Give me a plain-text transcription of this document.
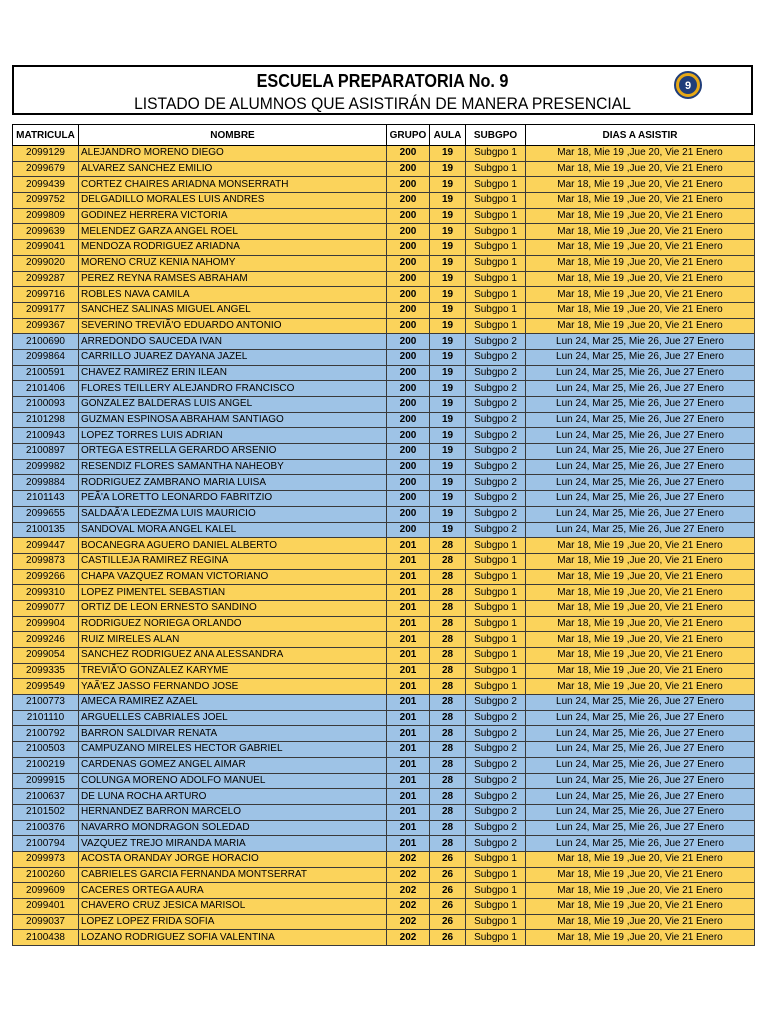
ESCUELA PREPARATORIA No. 9
LISTADO DE ALUMNOS QUE ASISTIRÁN DE MANERA PRESENCIAL
9
MATRICULA	NOMBRE	GRUPO	AULA	SUBGPO	DIAS A ASISTIR
2099129	ALEJANDRO MORENO DIEGO	200	19	Subgpo 1	Mar 18, Mie 19 ,Jue 20, Vie 21 Enero
2099679	ALVAREZ SANCHEZ EMILIO	200	19	Subgpo 1	Mar 18, Mie 19 ,Jue 20, Vie 21 Enero
2099439	CORTEZ CHAIRES ARIADNA MONSERRATH	200	19	Subgpo 1	Mar 18, Mie 19 ,Jue 20, Vie 21 Enero
2099752	DELGADILLO MORALES LUIS ANDRES	200	19	Subgpo 1	Mar 18, Mie 19 ,Jue 20, Vie 21 Enero
2099809	GODINEZ HERRERA VICTORIA	200	19	Subgpo 1	Mar 18, Mie 19 ,Jue 20, Vie 21 Enero
2099639	MELENDEZ GARZA ANGEL ROEL	200	19	Subgpo 1	Mar 18, Mie 19 ,Jue 20, Vie 21 Enero
2099041	MENDOZA RODRIGUEZ ARIADNA	200	19	Subgpo 1	Mar 18, Mie 19 ,Jue 20, Vie 21 Enero
2099020	MORENO CRUZ KENIA NAHOMY	200	19	Subgpo 1	Mar 18, Mie 19 ,Jue 20, Vie 21 Enero
2099287	PEREZ REYNA RAMSES ABRAHAM	200	19	Subgpo 1	Mar 18, Mie 19 ,Jue 20, Vie 21 Enero
2099716	ROBLES NAVA CAMILA	200	19	Subgpo 1	Mar 18, Mie 19 ,Jue 20, Vie 21 Enero
2099177	SANCHEZ SALINAS MIGUEL ANGEL	200	19	Subgpo 1	Mar 18, Mie 19 ,Jue 20, Vie 21 Enero
2099367	SEVERINO TREVIÃ'O EDUARDO ANTONIO	200	19	Subgpo 1	Mar 18, Mie 19 ,Jue 20, Vie 21 Enero
2100690	ARREDONDO SAUCEDA IVAN	200	19	Subgpo 2	Lun 24, Mar 25, Mie 26, Jue 27 Enero
2099864	CARRILLO JUAREZ DAYANA JAZEL	200	19	Subgpo 2	Lun 24, Mar 25, Mie 26, Jue 27 Enero
2100591	CHAVEZ RAMIREZ ERIN ILEAN	200	19	Subgpo 2	Lun 24, Mar 25, Mie 26, Jue 27 Enero
2101406	FLORES TEILLERY ALEJANDRO FRANCISCO	200	19	Subgpo 2	Lun 24, Mar 25, Mie 26, Jue 27 Enero
2100093	GONZALEZ BALDERAS LUIS ANGEL	200	19	Subgpo 2	Lun 24, Mar 25, Mie 26, Jue 27 Enero
2101298	GUZMAN ESPINOSA ABRAHAM SANTIAGO	200	19	Subgpo 2	Lun 24, Mar 25, Mie 26, Jue 27 Enero
2100943	LOPEZ TORRES LUIS ADRIAN	200	19	Subgpo 2	Lun 24, Mar 25, Mie 26, Jue 27 Enero
2100897	ORTEGA ESTRELLA GERARDO ARSENIO	200	19	Subgpo 2	Lun 24, Mar 25, Mie 26, Jue 27 Enero
2099982	RESENDIZ FLORES SAMANTHA NAHEOBY	200	19	Subgpo 2	Lun 24, Mar 25, Mie 26, Jue 27 Enero
2099884	RODRIGUEZ ZAMBRANO MARIA LUISA	200	19	Subgpo 2	Lun 24, Mar 25, Mie 26, Jue 27 Enero
2101143	PEÃ'A LORETTO LEONARDO FABRITZIO	200	19	Subgpo 2	Lun 24, Mar 25, Mie 26, Jue 27 Enero
2099655	SALDAÃ'A LEDEZMA LUIS MAURICIO	200	19	Subgpo 2	Lun 24, Mar 25, Mie 26, Jue 27 Enero
2100135	SANDOVAL MORA ANGEL KALEL	200	19	Subgpo 2	Lun 24, Mar 25, Mie 26, Jue 27 Enero
2099447	BOCANEGRA AGUERO DANIEL ALBERTO	201	28	Subgpo 1	Mar 18, Mie 19 ,Jue 20, Vie 21 Enero
2099873	CASTILLEJA RAMIREZ REGINA	201	28	Subgpo 1	Mar 18, Mie 19 ,Jue 20, Vie 21 Enero
2099266	CHAPA VAZQUEZ ROMAN VICTORIANO	201	28	Subgpo 1	Mar 18, Mie 19 ,Jue 20, Vie 21 Enero
2099310	LOPEZ PIMENTEL SEBASTIAN	201	28	Subgpo 1	Mar 18, Mie 19 ,Jue 20, Vie 21 Enero
2099077	ORTIZ DE LEON ERNESTO SANDINO	201	28	Subgpo 1	Mar 18, Mie 19 ,Jue 20, Vie 21 Enero
2099904	RODRIGUEZ NORIEGA ORLANDO	201	28	Subgpo 1	Mar 18, Mie 19 ,Jue 20, Vie 21 Enero
2099246	RUIZ MIRELES ALAN	201	28	Subgpo 1	Mar 18, Mie 19 ,Jue 20, Vie 21 Enero
2099054	SANCHEZ RODRIGUEZ ANA ALESSANDRA	201	28	Subgpo 1	Mar 18, Mie 19 ,Jue 20, Vie 21 Enero
2099335	TREVIÃ'O GONZALEZ KARYME	201	28	Subgpo 1	Mar 18, Mie 19 ,Jue 20, Vie 21 Enero
2099549	YAÃ'EZ JASSO FERNANDO JOSE	201	28	Subgpo 1	Mar 18, Mie 19 ,Jue 20, Vie 21 Enero
2100773	AMECA RAMIREZ AZAEL	201	28	Subgpo 2	Lun 24, Mar 25, Mie 26, Jue 27 Enero
2101110	ARGUELLES CABRIALES JOEL	201	28	Subgpo 2	Lun 24, Mar 25, Mie 26, Jue 27 Enero
2100792	BARRON SALDIVAR RENATA	201	28	Subgpo 2	Lun 24, Mar 25, Mie 26, Jue 27 Enero
2100503	CAMPUZANO MIRELES HECTOR GABRIEL	201	28	Subgpo 2	Lun 24, Mar 25, Mie 26, Jue 27 Enero
2100219	CARDENAS GOMEZ ANGEL AIMAR	201	28	Subgpo 2	Lun 24, Mar 25, Mie 26, Jue 27 Enero
2099915	COLUNGA MORENO ADOLFO MANUEL	201	28	Subgpo 2	Lun 24, Mar 25, Mie 26, Jue 27 Enero
2100637	DE LUNA ROCHA ARTURO	201	28	Subgpo 2	Lun 24, Mar 25, Mie 26, Jue 27 Enero
2101502	HERNANDEZ BARRON MARCELO	201	28	Subgpo 2	Lun 24, Mar 25, Mie 26, Jue 27 Enero
2100376	NAVARRO MONDRAGON SOLEDAD	201	28	Subgpo 2	Lun 24, Mar 25, Mie 26, Jue 27 Enero
2100794	VAZQUEZ TREJO MIRANDA MARIA	201	28	Subgpo 2	Lun 24, Mar 25, Mie 26, Jue 27 Enero
2099973	ACOSTA ORANDAY JORGE HORACIO	202	26	Subgpo 1	Mar 18, Mie 19 ,Jue 20, Vie 21 Enero
2100260	CABRIELES GARCIA FERNANDA MONTSERRAT	202	26	Subgpo 1	Mar 18, Mie 19 ,Jue 20, Vie 21 Enero
2099609	CACERES ORTEGA AURA	202	26	Subgpo 1	Mar 18, Mie 19 ,Jue 20, Vie 21 Enero
2099401	CHAVERO CRUZ JESICA MARISOL	202	26	Subgpo 1	Mar 18, Mie 19 ,Jue 20, Vie 21 Enero
2099037	LOPEZ LOPEZ FRIDA SOFIA	202	26	Subgpo 1	Mar 18, Mie 19 ,Jue 20, Vie 21 Enero
2100438	LOZANO RODRIGUEZ SOFIA VALENTINA	202	26	Subgpo 1	Mar 18, Mie 19 ,Jue 20, Vie 21 Enero
